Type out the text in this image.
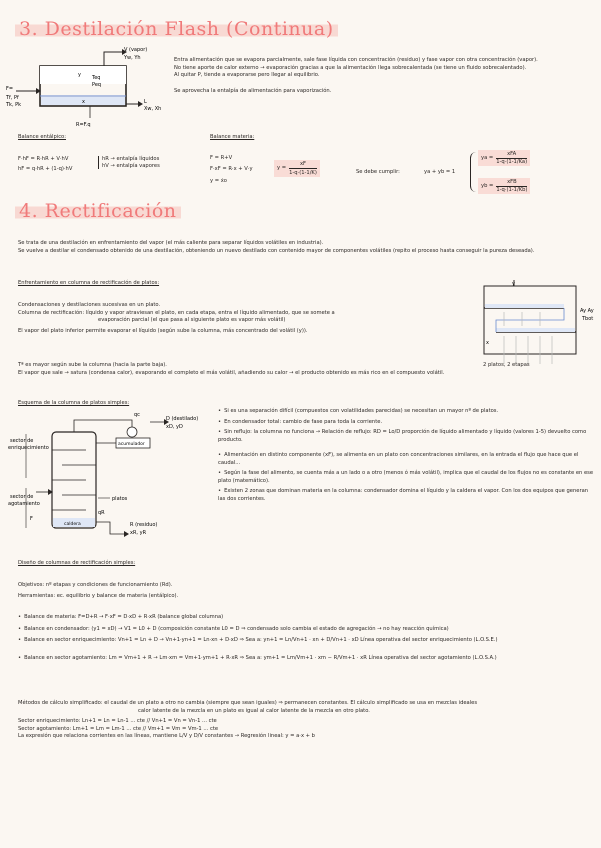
3. Destilación Flash (Continua)
V (vapor)
Yw, Yh
F=
Tf, Pf
Tk, Pk
y Teq
Peq
x	L
Xw, Xh
R=F.q
Entra alimentación que se evapora parcialmente, sale fase líquida con concentración (residuo) y fase vapor con otra concentración (vapor).
No tiene aporte de calor externo → evaporación gracias a que la alimentación llega sobrecalentada (se tiene un fluido sobrecalentado).
Al quitar P, tiende a evaporarse pero llegar al equilibrio.
Se aprovecha la entalpía de alimentación para vaporización.
Balance entálpico:
F·hF = R·hR + V·hV
hF = q·hR + (1-q)·hV
hR → entalpía líquidos
hV → entalpía vapores
Balance materia:
F = R+V
F·xF = R·x + V·y
y = ẋo
$y = \frac{xF}{1-q\cdot(1-1/K)}$	Se debe cumplir:	ya + yb = 1
ya =
xFA
1-q·(1-1/Ka)
yb =
xFB
1-q·(1-1/Kb)
4. Rectificación
Se trata de una destilación en enfrentamiento del vapor (el más caliente para separar líquidos volátiles en industria).
Se vuelve a destilar el condensado obtenido de una destilación, obteniendo un nuevo destilado con contenido mayor de componentes volátiles (repito el proceso hasta conseguir la pureza deseada).
Enfrentamiento en columna de rectificación de platos:
Condensaciones y destilaciones sucesivas en un plato.
Columna de rectificación: líquido y vapor atraviesan el plato, en cada etapa, entra el líquido alimentado, que se somete a
evaporación parcial (el que pasa al siguiente plato es vapor más volátil)
El vapor del plato inferior permite evaporar el líquido (según sube la columna, más concentrado del volátil (y)).
y
x
Ay Ay
Tbot
2 platos, 2 etapas
Tª es mayor según sube la columna (hacia la parte baja).
El vapor que sale → satura (condensa calor), evaporando el completo el más volátil, añadiendo su calor → el producto obtenido es más rico en el compuesto volátil.
Esquema de la columna de platos simples:
qc
D (destilado)
xD, yD
acumulador
sector de
enriquecimiento
sector de
agotamiento
F
platos
qR
R (residuo)
xR, yR
caldera
• Si es una separación difícil (compuestos con volatilidades parecidas) se necesitan un mayor nº de platos.
• En condensador total: cambio de fase para toda la corriente.
• Sin reflujo: la columna no funciona → Relación de reflujo: RD = Lo/D proporción de líquido alimentado y líquido (valores 1-5) devuelto como producto.
• Alimentación en distinto componente (xF), se alimenta en un plato con concentraciones similares, en la entrada el flujo que hace que el caudal...
• Según la fase del alimento, se cuenta más a un lado o a otro (menos ó más volátil), implica que el caudal de los flujos no es constante en ese plato (matemático).
• Existen 2 zonas que dominan materia en la columna: condensador domina el líquido y la caldera el vapor. Con los dos equipos que generan las dos corrientes.
Diseño de columnas de rectificación simples:
Objetivos: nº etapas y condiciones de funcionamiento (Rd).
Herramientas: ec. equilibrio y balance de materia (entálpico).
• Balance de materia: F=D+R → F·xF = D·xD + R·xR (balance global columna)
• Balance en condensador: (y1 = xD) → V1 = L0 + D (composición constante L0 = D ⇒ condensado solo cambia el estado de agregación → no hay reacción química)
• Balance en sector enriquecimiento: Vn+1 = Ln + D → Vn+1·yn+1 = Ln·xn + D·xD ⇒ Sea a: yn+1 = Ln/Vn+1 · xn + D/Vn+1 · xD Línea operativa del sector enriquecimiento (L.O.S.E.)
• Balance en sector agotamiento: Lm = Vm+1 + R → Lm·xm = Vm+1·ym+1 + R·xR ⇒ Sea a: ym+1 = Lm/Vm+1 · xm − R/Vm+1 · xR Línea operativa del sector agotamiento (L.O.S.A.)
Métodos de cálculo simplificado: el caudal de un plato a otro no cambia (siempre que sean iguales) ⇒ permanecen constantes. El cálculo simplificado se usa en mezclas ideales
calor latente de la mezcla en un plato es igual al calor latente de la mezcla en otro plato.
Sector enriquecimiento: Ln+1 = Ln = Ln-1 ... cte // Vn+1 = Vn = Vn-1 ... cte
Sector agotamiento: Lm+1 = Lm = Lm-1 ... cte // Vm+1 = Vm = Vm-1 ... cte
La expresión que relaciona corrientes en las líneas, mantiene L/V y D/V constantes → Regresión lineal: y = a·x + b
